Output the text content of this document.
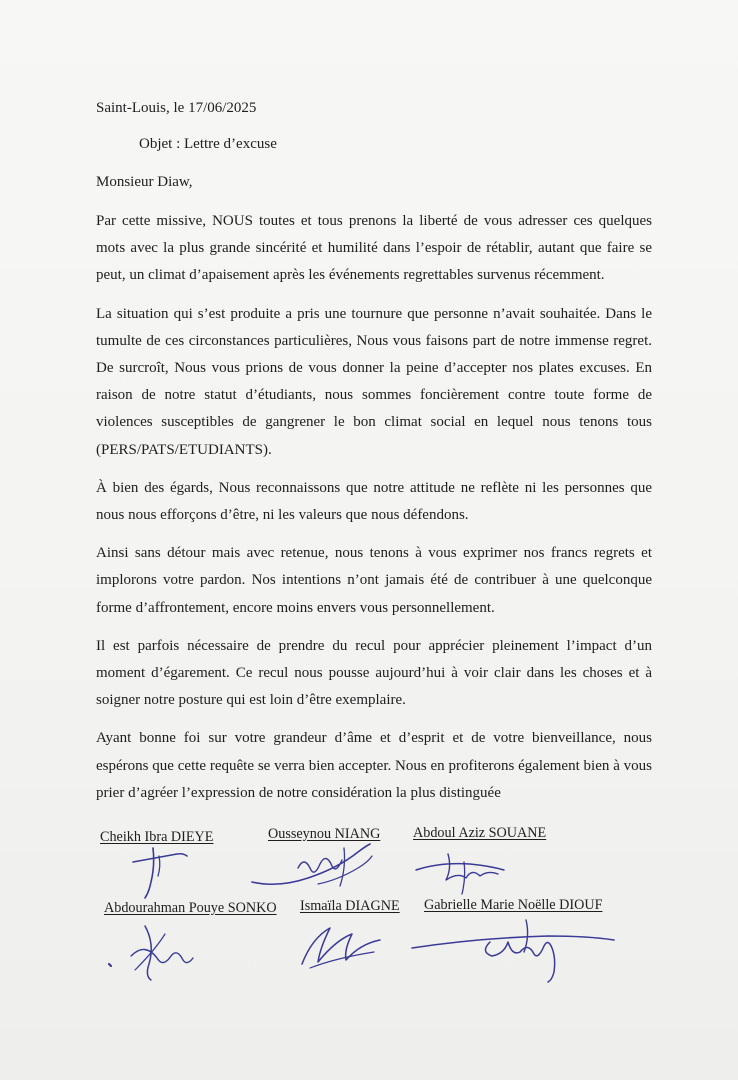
Saint-Louis, le 17/06/2025
Objet : Lettre d’excuse
Monsieur Diaw,

Par cette missive, NOUS toutes et tous prenons la liberté de vous adresser ces quelques mots avec la plus grande sincérité et humilité dans l’espoir de rétablir, autant que faire se peut, un climat d’apaisement après les événements regrettables survenus récemment.

La situation qui s’est produite a pris une tournure que personne n’avait souhaitée. Dans le tumulte de ces circonstances particulières, Nous vous faisons part de notre immense regret. De surcroît, Nous vous prions de vous donner la peine d’accepter nos plates excuses. En raison de notre statut d’étudiants, nous sommes foncièrement contre toute forme de violences susceptibles de gangrener le bon climat social en lequel nous tenons tous (PERS/PATS/ETUDIANTS).

À bien des égards, Nous reconnaissons que notre attitude ne reflète ni les personnes que nous nous efforçons d’être, ni les valeurs que nous défendons.

Ainsi sans détour mais avec retenue, nous tenons à vous exprimer nos francs regrets et implorons votre pardon. Nos intentions n’ont jamais été de contribuer à une quelconque forme d’affrontement, encore moins envers vous personnellement.

Il est parfois nécessaire de prendre du recul pour apprécier pleinement l’impact d’un moment d’égarement. Ce recul nous pousse aujourd’hui à voir clair dans les choses et à soigner notre posture qui est loin d’être exemplaire.

Ayant bonne foi sur votre grandeur d’âme et d’esprit et de votre bienveillance, nous espérons que cette requête se verra bien accepter. Nous en profiterons également bien à vous prier d’agréer l’expression de notre considération la plus distinguée

Cheikh Ibra DIEYE	Ousseynou NIANG Abdoul Aziz SOUANE
Abdourahman Pouye SONKO Ismaïla DIAGNE Gabrielle Marie Noëlle DIOUF
